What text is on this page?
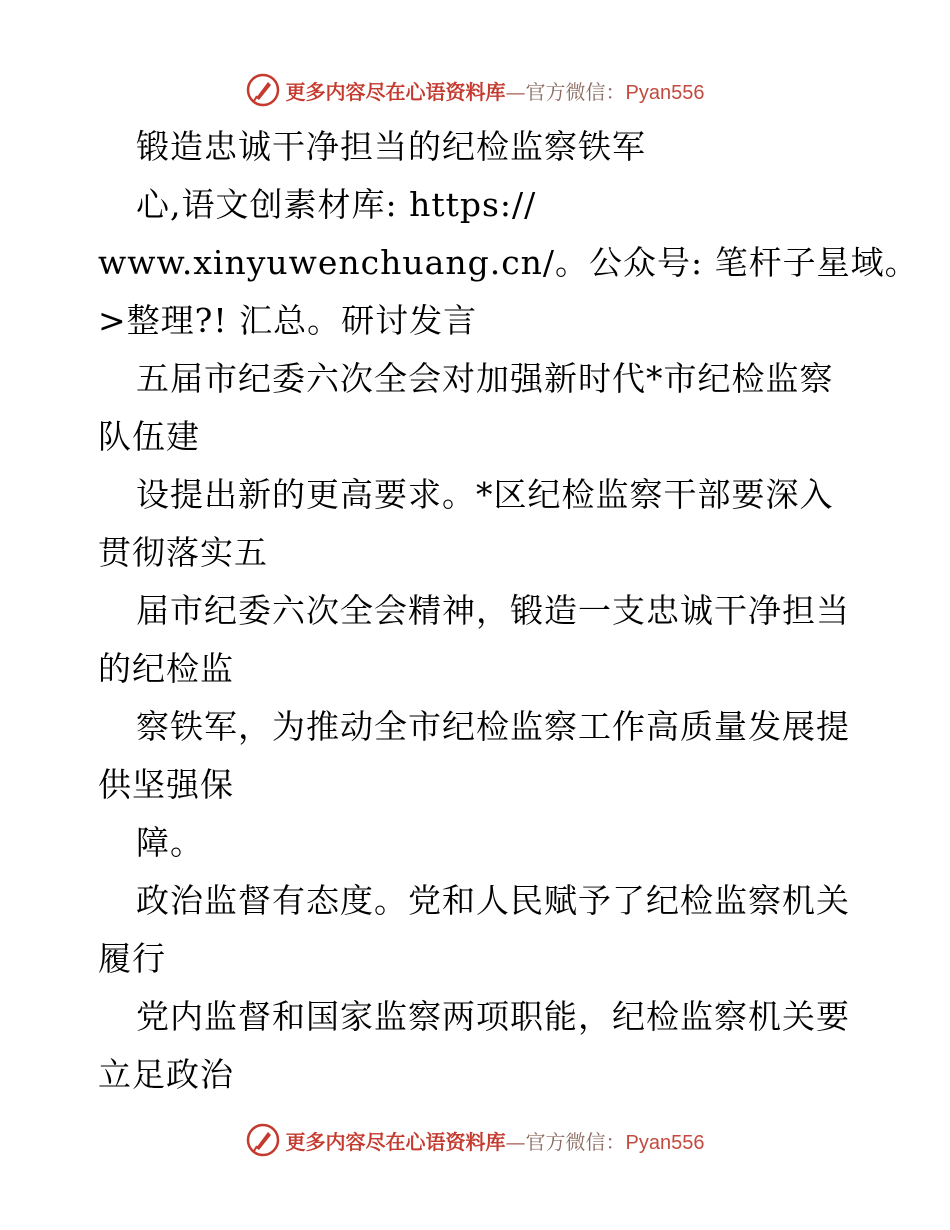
更多内容尽在心语资料库—官方微信：Pyan556
锻造忠诚干净担当的纪检监察铁军
心,语文创素材库: https://
www.xinyuwenchuang.cn/。公众号: 笔杆子星域。
>整理?! 汇总。研讨发言
五届市纪委六次全会对加强新时代*市纪检监察
队伍建
设提出新的更高要求。*区纪检监察干部要深入
贯彻落实五
届市纪委六次全会精神，锻造一支忠诚干净担当
的纪检监
察铁军，为推动全市纪检监察工作高质量发展提
供坚强保
障。
政治监督有态度。党和人民赋予了纪检监察机关
履行
党内监督和国家监察两项职能，纪检监察机关要
立足政治
更多内容尽在心语资料库—官方微信：Pyan556
